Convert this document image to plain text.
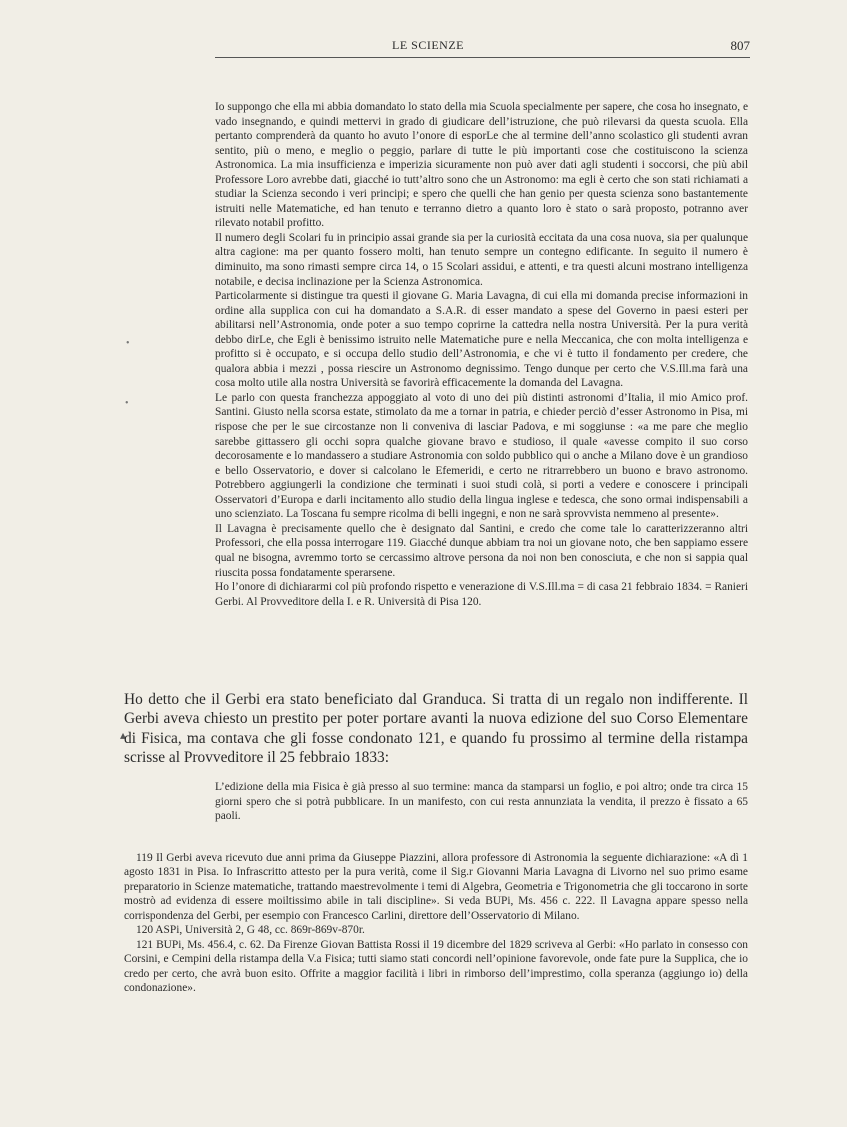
LE SCIENZE	807
•
•
▴

Io suppongo che ella mi abbia domandato lo stato della mia Scuola specialmente per sapere, che cosa ho insegnato, e vado insegnando, e quindi mettervi in grado di giudicare dell’istruzione, che può rilevarsi da questa scuola. Ella pertanto comprenderà da quanto ho avuto l’onore di esporLe che al termine dell’anno scolastico gli studenti avran sentito, più o meno, e meglio o peggio, parlare di tutte le più importanti cose che costituiscono la scienza Astronomica. La mia insufficienza e imperizia sicuramente non può aver dati agli studenti i soccorsi, che più abil Professore Loro avrebbe dati, giacché io tutt’altro sono che un Astronomo: ma egli è certo che son stati richiamati a studiar la Scienza secondo i veri principi; e spero che quelli che han genio per questa scienza sono bastantemente istruiti nelle Matematiche, ed han tenuto e terranno dietro a quanto loro è stato o sarà proposto, potranno aver rilevato notabil profitto.

Il numero degli Scolari fu in principio assai grande sia per la curiosità eccitata da una cosa nuova, sia per qualunque altra cagione: ma per quanto fossero molti, han tenuto sempre un contegno edificante. In seguito il numero è diminuito, ma sono rimasti sempre circa 14, o 15 Scolari assidui, e attenti, e tra questi alcuni mostrano intelligenza notabile, e decisa inclinazione per la Scienza Astronomica.

Particolarmente si distingue tra questi il giovane G. Maria Lavagna, di cui ella mi domanda precise informazioni in ordine alla supplica con cui ha domandato a S.A.R. di esser mandato a spese del Governo in paesi esteri per abilitarsi nell’Astronomia, onde poter a suo tempo coprirne la cattedra nella nostra Università. Per la pura verità debbo dirLe, che Egli è benissimo istruito nelle Matematiche pure e nella Meccanica, che con molta intelligenza e profitto si è occupato, e si occupa dello studio dell’Astronomia, e che vi è tutto il fondamento per credere, che qualora abbia i mezzi , possa riescire un Astronomo degnissimo. Tengo dunque per certo che V.S.Ill.ma farà una cosa molto utile alla nostra Università se favorirà efficacemente la domanda del Lavagna.

Le parlo con questa franchezza appoggiato al voto di uno dei più distinti astronomi d’Italia, il mio Amico prof. Santini. Giusto nella scorsa estate, stimolato da me a tornar in patria, e chieder perciò d’esser Astronomo in Pisa, mi rispose che per le sue circostanze non li conveniva di lasciar Padova, e mi soggiunse : «a me pare che meglio sarebbe gittassero gli occhi sopra qualche giovane bravo e studioso, il quale «avesse compito il suo corso decorosamente e lo mandassero a studiare Astronomia con soldo pubblico qui o anche a Milano dove è un grandioso e bello Osservatorio, e dover si calcolano le Efemeridi, e certo ne ritrarrebbero un buono e bravo astronomo. Potrebbero aggiungerli la condizione che terminati i suoi studi colà, si porti a vedere e conoscere i principali Osservatori d’Europa e darli incitamento allo studio della lingua inglese e tedesca, che sono ormai indispensabili a uno scienziato. La Toscana fu sempre ricolma di belli ingegni, e non ne sarà sprovvista nemmeno al presente».

Il Lavagna è precisamente quello che è designato dal Santini, e credo che come tale lo caratterizzeranno altri Professori, che ella possa interrogare 119. Giacché dunque abbiam tra noi un giovane noto, che ben sappiamo essere qual ne bisogna, avremmo torto se cercassimo altrove persona da noi non ben conosciuta, e che non si sappia qual riuscita possa fondatamente sperarsene.

Ho l’onore di dichiararmi col più profondo rispetto e venerazione di V.S.Ill.ma = di casa 21 febbraio 1834. = Ranieri Gerbi. Al Provveditore della I. e R. Università di Pisa 120.

Ho detto che il Gerbi era stato beneficiato dal Granduca. Si tratta di un regalo non indifferente. Il Gerbi aveva chiesto un prestito per poter portare avanti la nuova edizione del suo Corso Elementare di Fisica, ma contava che gli fosse condonato 121, e quando fu prossimo al termine della ristampa scrisse al Provveditore il 25 febbraio 1833:

L’edizione della mia Fisica è già presso al suo termine: manca da stamparsi un foglio, e poi altro; onde tra circa 15 giorni spero che si potrà pubblicare. In un manifesto, con cui resta annunziata la vendita, il prezzo è fissato a 65 paoli.

119 Il Gerbi aveva ricevuto due anni prima da Giuseppe Piazzini, allora professore di Astronomia la seguente dichiarazione: «A dì 1 agosto 1831 in Pisa. Io Infrascritto attesto per la pura verità, come il Sig.r Giovanni Maria Lavagna di Livorno nel suo primo esame preparatorio in Scienze matematiche, trattando maestrevolmente i temi di Algebra, Geometria e Trigonometria che gli toccarono in sorte mostrò ad evidenza di essere moiltissimo abile in tali discipline». Si veda BUPi, Ms. 456 c. 222. Il Lavagna appare spesso nella corrispondenza del Gerbi, per esempio con Francesco Carlini, direttore dell’Osservatorio di Milano.

120 ASPi, Università 2, G 48, cc. 869r-869v-870r.

121 BUPi, Ms. 456.4, c. 62. Da Firenze Giovan Battista Rossi il 19 dicembre del 1829 scriveva al Gerbi: «Ho parlato in consesso con Corsini, e Cempini della ristampa della V.a Fisica; tutti siamo stati concordi nell’opinione favorevole, onde fate pure la Supplica, che io credo per certo, che avrà buon esito. Offrite a maggior facilità i libri in rimborso dell’imprestimo, colla speranza (aggiungo io) della condonazione».
